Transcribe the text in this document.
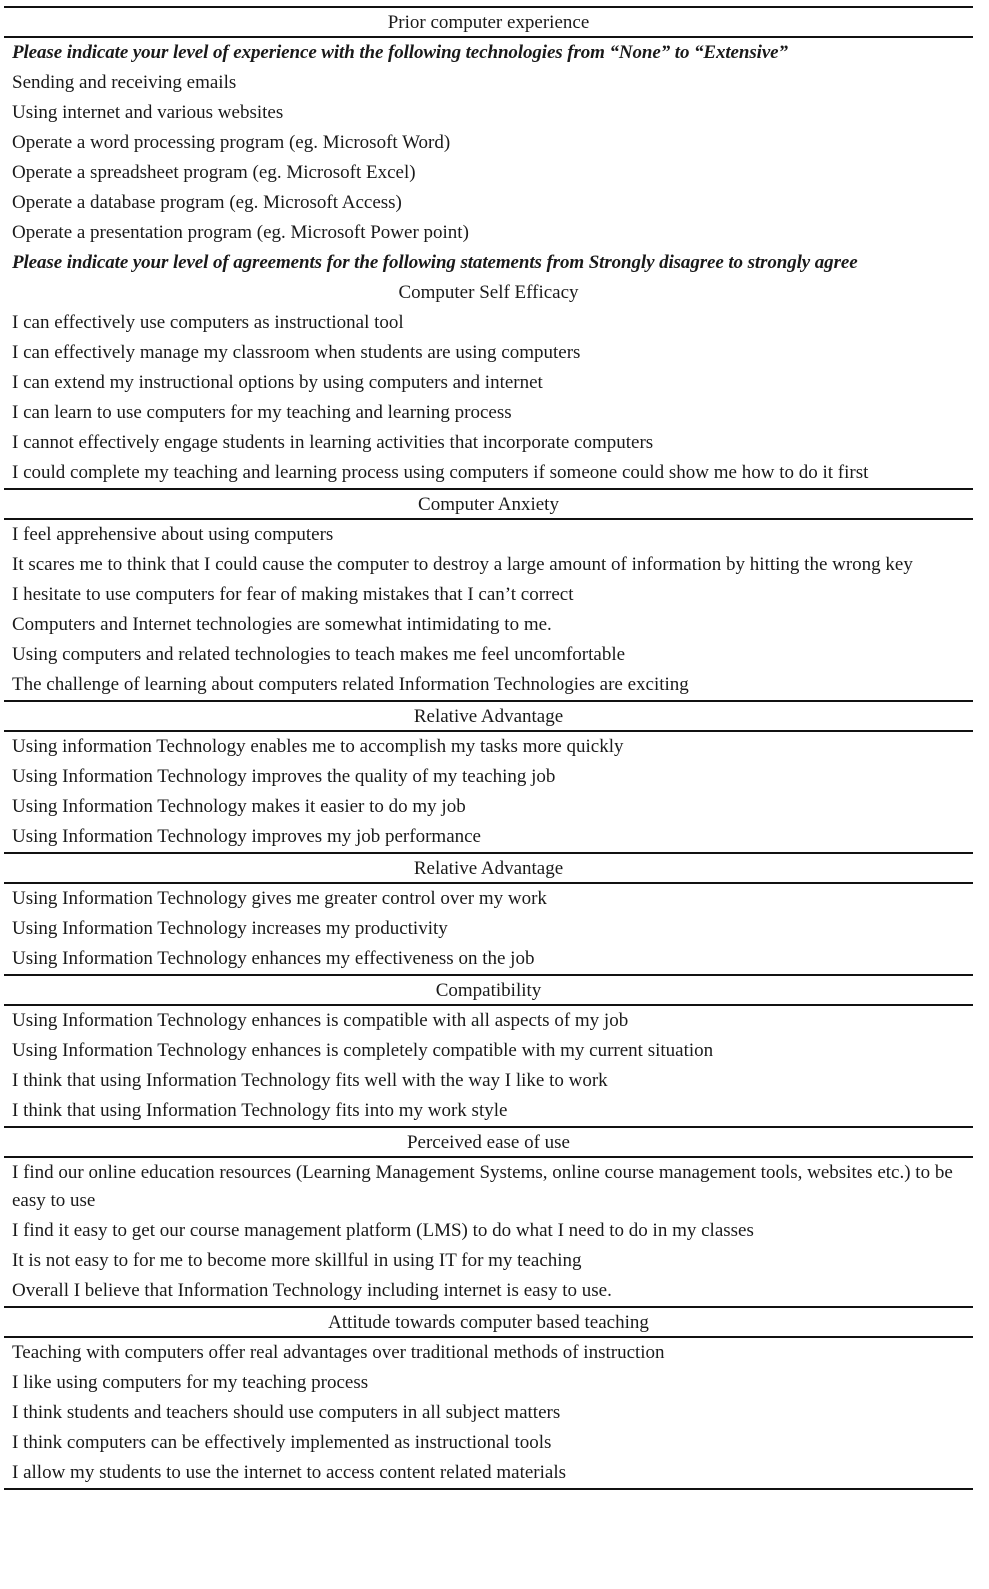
Prior computer experience
Please indicate your level of experience with the following technologies from “None” to “Extensive”
Sending and receiving emails
Using internet and various websites
Operate a word processing program (eg. Microsoft Word)
Operate a spreadsheet program (eg. Microsoft Excel)
Operate a database program (eg. Microsoft Access)
Operate a presentation program (eg. Microsoft Power point)
Please indicate your level of agreements for the following statements from Strongly disagree to strongly agree
Computer Self Efficacy
I can effectively use computers as instructional tool
I can effectively manage my classroom when students are using computers
I can extend my instructional options by using computers and internet
I can learn to use computers for my teaching and learning process
I cannot effectively engage students in learning activities that incorporate computers
I could complete my teaching and learning process using computers if someone could show me how to do it first
Computer Anxiety
I feel apprehensive about using computers
It scares me to think that I could cause the computer to destroy a large amount of information by hitting the wrong key
I hesitate to use computers for fear of making mistakes that I can’t correct
Computers and Internet technologies are somewhat intimidating to me.
Using computers and related technologies to teach makes me feel uncomfortable
The challenge of learning about computers related Information Technologies are exciting
Relative Advantage
Using information Technology enables me to accomplish my tasks more quickly
Using Information Technology improves the quality of my teaching job
Using Information Technology makes it easier to do my job
Using Information Technology improves my job performance
Relative Advantage
Using Information Technology gives me greater control over my work
Using Information Technology increases my productivity
Using Information Technology enhances my effectiveness on the job
Compatibility
Using Information Technology enhances is compatible with all aspects of my job
Using Information Technology enhances is completely compatible with my current situation
I think that using Information Technology fits well with the way I like to work
I think that using Information Technology fits into my work style
Perceived ease of use
I find our online education resources (Learning Management Systems, online course management tools, websites etc.) to be easy to use
I find it easy to get our course management platform (LMS) to do what I need to do in my classes
It is not easy to for me to become more skillful in using IT for my teaching
Overall I believe that Information Technology including internet is easy to use.
Attitude towards computer based teaching
Teaching with computers offer real advantages over traditional methods of instruction
I like using computers for my teaching process
I think students and teachers should use computers in all subject matters
I think computers can be effectively implemented as instructional tools
I allow my students to use the internet to access content related materials
